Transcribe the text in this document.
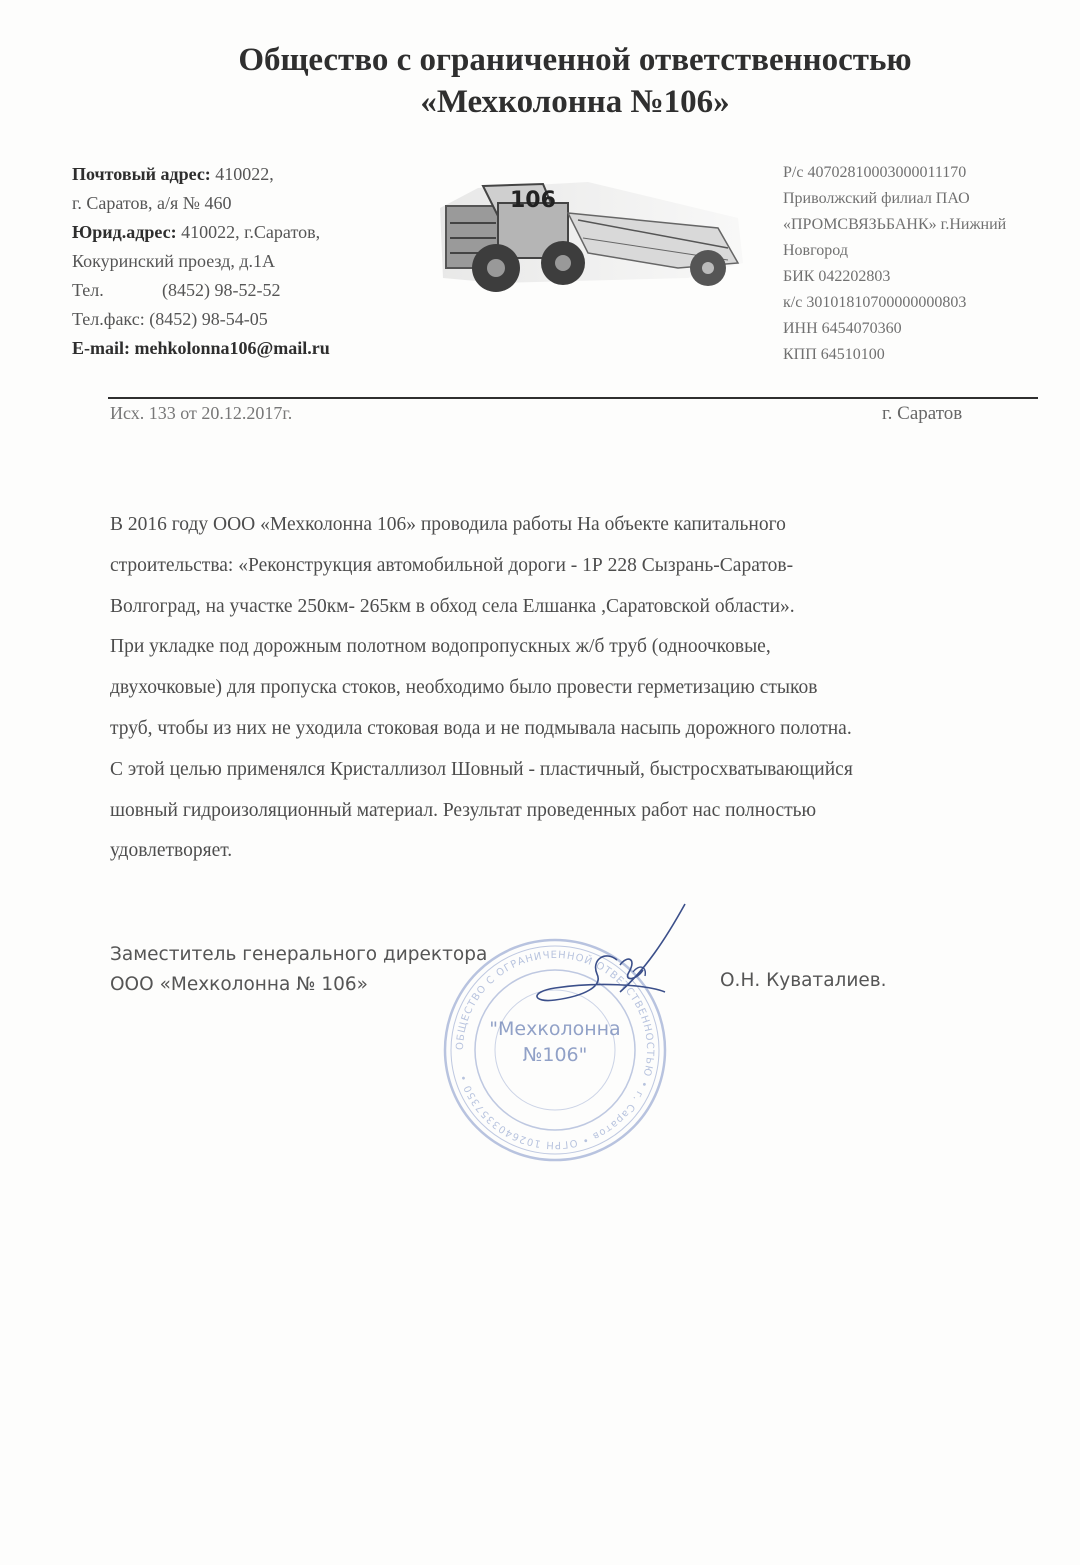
Общество с ограниченной ответственностью
«Мехколонна №106»
Почтовый адрес: 410022,
г. Саратов, а/я № 460
Юрид.адрес: 410022, г.Саратов,
Кокуринский проезд, д.1А
Тел.	(8452) 98-52-52
Тел.факс: (8452) 98-54-05
E-mail: mehkolonna106@mail.ru
106
Р/с 40702810003000011170
Приволжский филиал ПАО
«ПРОМСВЯЗЬБАНК» г.Нижний
Новгород
БИК 042202803
к/с 30101810700000000803
ИНН 6454070360
КПП 64510100
Исх. 133 от 20.12.2017г.	г. Саратов
В 2016 году ООО «Мехколонна 106» проводила работы На объекте капитального
строительства: «Реконструкция автомобильной дороги - 1Р 228 Сызрань-Саратов-
Волгоград, на участке 250км- 265км в обход села Елшанка ,Саратовской области».
При укладке под дорожным полотном водопропускных ж/б труб (одноочковые,
двухочковые) для пропуска стоков, необходимо было провести герметизацию стыков
труб, чтобы из них не уходила стоковая вода и не подмывала насыпь дорожного полотна.
С этой целью применялся Кристаллизол Шовный - пластичный, быстросхватывающийся
шовный гидроизоляционный материал. Результат проведенных работ нас полностью
удовлетворяет.
ОБЩЕСТВО С ОГРАНИЧЕННОЙ ОТВЕТСТВЕННОСТЬЮ • г. Саратов • ОГРН 1026403357350 •
"Мехколонна
№106"
Заместитель генерального директора
ООО «Мехколонна № 106»	О.Н. Куваталиев.
